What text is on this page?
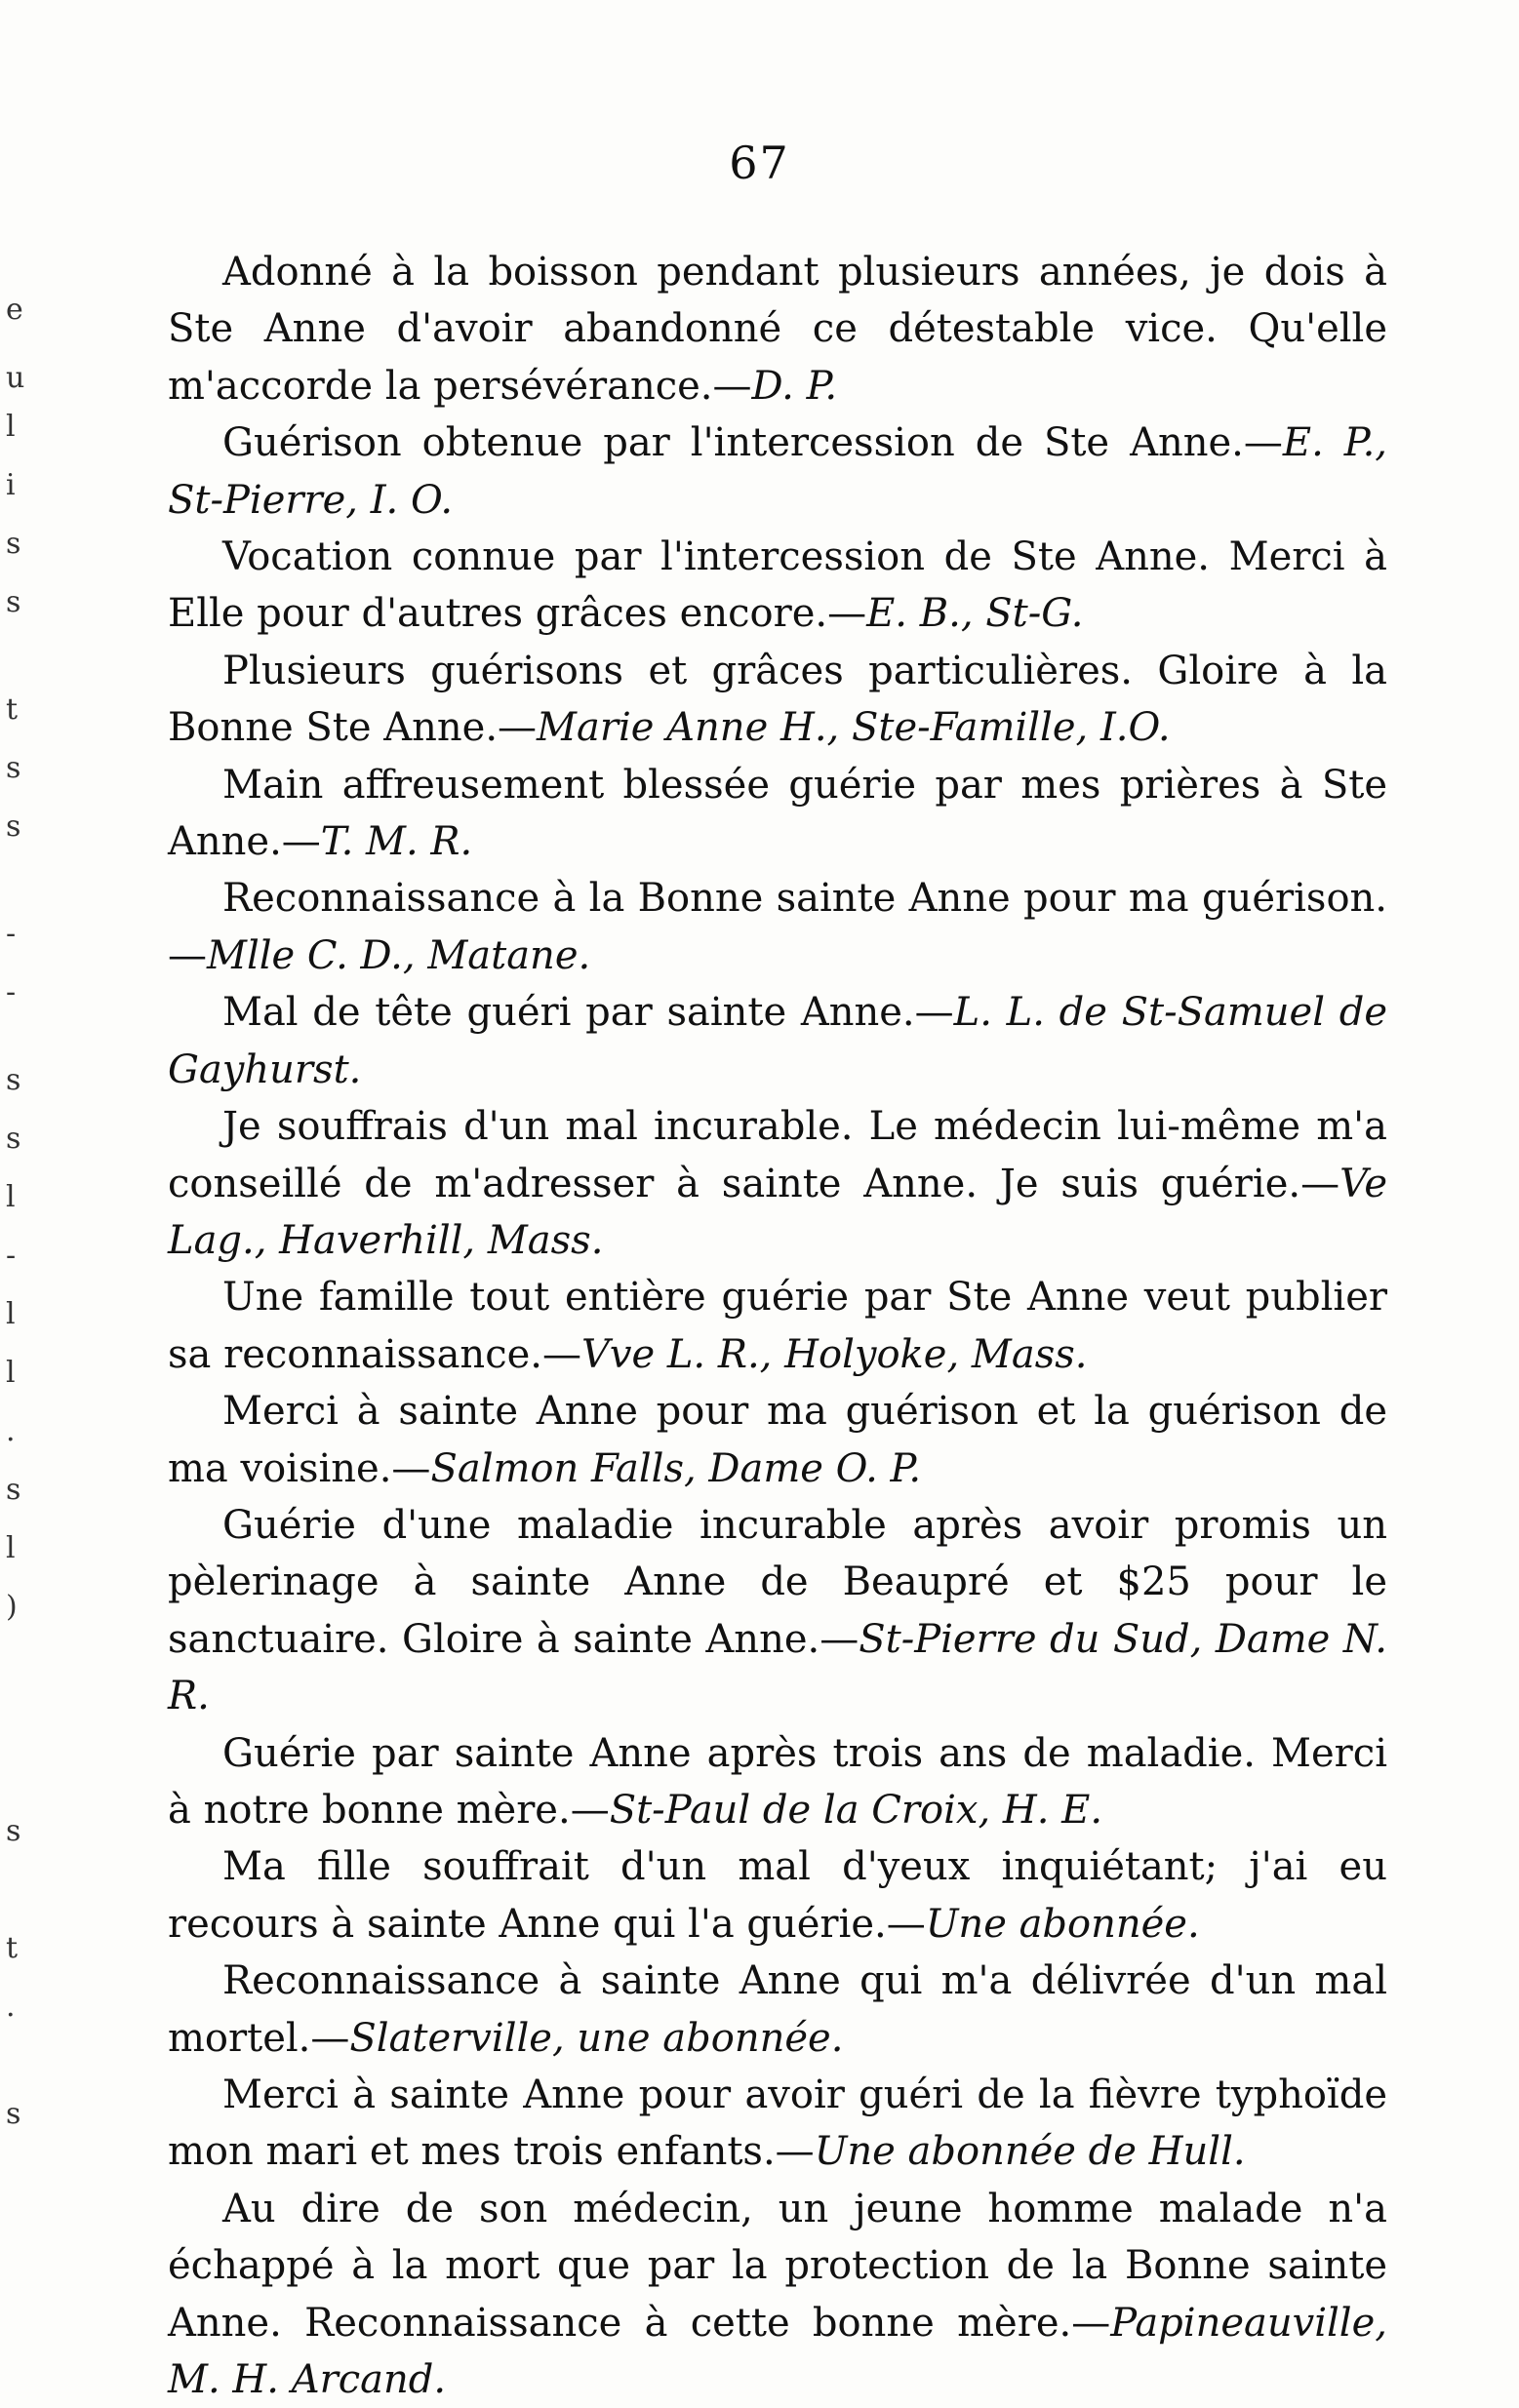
67
e
u
l
i
s
s
t
s
s
-
-
s
s
l
-
l
l
.
s
l
)
s
t
.
s

Adonné à la boisson pendant plusieurs années, je dois à Ste Anne d'avoir abandonné ce détestable vice. Qu'elle m'accorde la persévérance.—D. P.

Guérison obtenue par l'intercession de Ste Anne.—E. P., St-Pierre, I. O.

Vocation connue par l'intercession de Ste Anne. Merci à Elle pour d'autres grâces encore.—E. B., St-G.

Plusieurs guérisons et grâces particulières. Gloire à la Bonne Ste Anne.—Marie Anne H., Ste-Famille, I.O.

Main affreusement blessée guérie par mes prières à Ste Anne.—T. M. R.

Reconnaissance à la Bonne sainte Anne pour ma guérison.—Mlle C. D., Matane.

Mal de tête guéri par sainte Anne.—L. L. de St-Samuel de Gayhurst.

Je souffrais d'un mal incurable. Le médecin lui-même m'a conseillé de m'adresser à sainte Anne. Je suis guérie.—Ve Lag., Haverhill, Mass.

Une famille tout entière guérie par Ste Anne veut publier sa reconnaissance.—Vve L. R., Holyoke, Mass.

Merci à sainte Anne pour ma guérison et la guérison de ma voisine.—Salmon Falls, Dame O. P.

Guérie d'une maladie incurable après avoir promis un pèlerinage à sainte Anne de Beaupré et $25 pour le sanctuaire. Gloire à sainte Anne.—St-Pierre du Sud, Dame N. R.

Guérie par sainte Anne après trois ans de maladie. Merci à notre bonne mère.—St-Paul de la Croix, H. E.

Ma fille souffrait d'un mal d'yeux inquiétant; j'ai eu recours à sainte Anne qui l'a guérie.—Une abonnée.

Reconnaissance à sainte Anne qui m'a délivrée d'un mal mortel.—Slaterville, une abonnée.

Merci à sainte Anne pour avoir guéri de la fièvre typhoïde mon mari et mes trois enfants.—Une abonnée de Hull.

Au dire de son médecin, un jeune homme malade n'a échappé à la mort que par la protection de la Bonne sainte Anne. Reconnaissance à cette bonne mère.—Papineauville, M. H. Arcand.
